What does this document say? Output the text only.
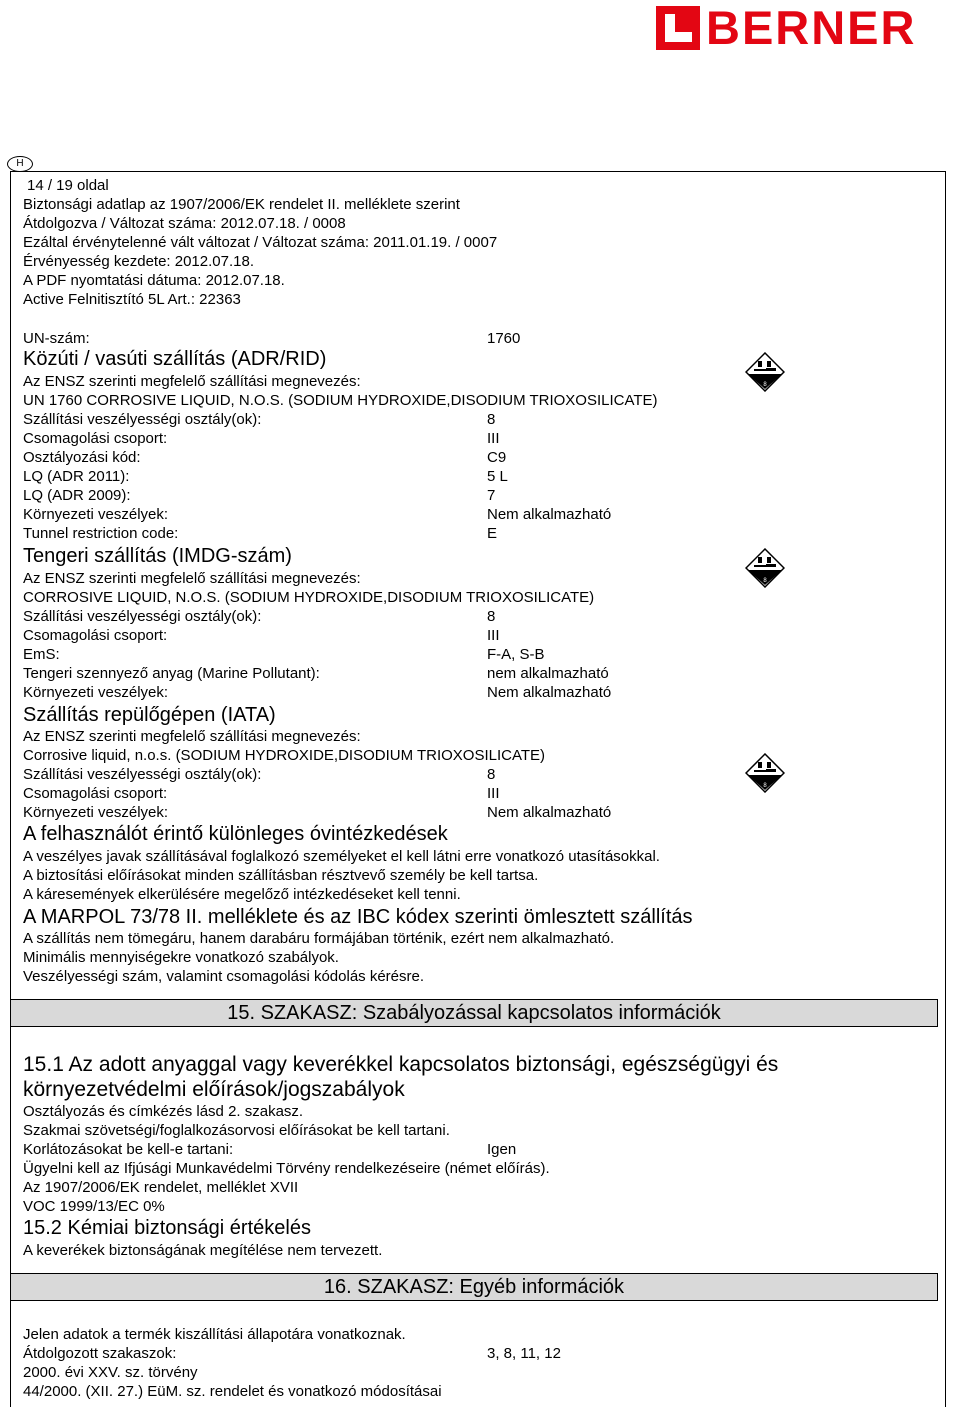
BERNER
H
14 / 19 oldal
Biztonsági adatlap az 1907/2006/EK rendelet II. melléklete szerint
Átdolgozva / Változat száma: 2012.07.18. / 0008
Ezáltal érvénytelenné vált változat / Változat száma: 2011.01.19. / 0007
Érvényesség kezdete: 2012.07.18.
A PDF nyomtatási dátuma: 2012.07.18.
Active Felnitisztító 5L Art.: 22363
UN-szám:	1760
Közúti / vasúti szállítás (ADR/RID)
Az ENSZ szerinti megfelelő szállítási megnevezés:
UN 1760 CORROSIVE LIQUID, N.O.S. (SODIUM HYDROXIDE,DISODIUM TRIOXOSILICATE)
Szállítási veszélyességi osztály(ok):	8
Csomagolási csoport:	III
Osztályozási kód:	C9
LQ (ADR 2011):	5 L
LQ (ADR 2009):	7
Környezeti veszélyek:	Nem alkalmazható
Tunnel restriction code:	E
Tengeri szállítás (IMDG-szám)
Az ENSZ szerinti megfelelő szállítási megnevezés:
CORROSIVE LIQUID, N.O.S. (SODIUM HYDROXIDE,DISODIUM TRIOXOSILICATE)
Szállítási veszélyességi osztály(ok):	8
Csomagolási csoport:	III
EmS:	F-A, S-B
Tengeri szennyező anyag (Marine Pollutant):	nem alkalmazható
Környezeti veszélyek:	Nem alkalmazható
Szállítás repülőgépen (IATA)
Az ENSZ szerinti megfelelő szállítási megnevezés:
Corrosive liquid, n.o.s. (SODIUM HYDROXIDE,DISODIUM TRIOXOSILICATE)
Szállítási veszélyességi osztály(ok):	8
Csomagolási csoport:	III
Környezeti veszélyek:	Nem alkalmazható
A felhasználót érintő különleges óvintézkedések
A veszélyes javak szállításával foglalkozó személyeket el kell látni erre vonatkozó utasításokkal.
A biztosítási előírásokat minden szállításban résztvevő személy be kell tartsa.
A káresemények elkerülésére megelőző intézkedéseket kell tenni.
A MARPOL 73/78 II. melléklete és az IBC kódex szerinti ömlesztett szállítás
A szállítás nem tömegáru, hanem darabáru formájában történik, ezért nem alkalmazható.
Minimális mennyiségekre vonatkozó szabályok.
Veszélyességi szám, valamint csomagolási kódolás kérésre.
15. SZAKASZ: Szabályozással kapcsolatos információk
15.1 Az adott anyaggal vagy keverékkel kapcsolatos biztonsági, egészségügyi és
környezetvédelmi előírások/jogszabályok
Osztályozás és címkézés lásd 2. szakasz.
Szakmai szövetségi/foglalkozásorvosi előírásokat be kell tartani.
Korlátozásokat be kell-e tartani:	Igen
Ügyelni kell az Ifjúsági Munkavédelmi Törvény rendelkezéseire (német előírás).
Az 1907/2006/EK rendelet, melléklet XVII
VOC 1999/13/EC 0%
15.2 Kémiai biztonsági értékelés
A keverékek biztonságának megítélése nem tervezett.
16. SZAKASZ: Egyéb információk
Jelen adatok a termék kiszállítási állapotára vonatkoznak.
Átdolgozott szakaszok:	3, 8, 11, 12
2000. évi XXV. sz. törvény
44/2000. (XII. 27.) EüM. sz. rendelet és vonatkozó módosításai
8
8
8
